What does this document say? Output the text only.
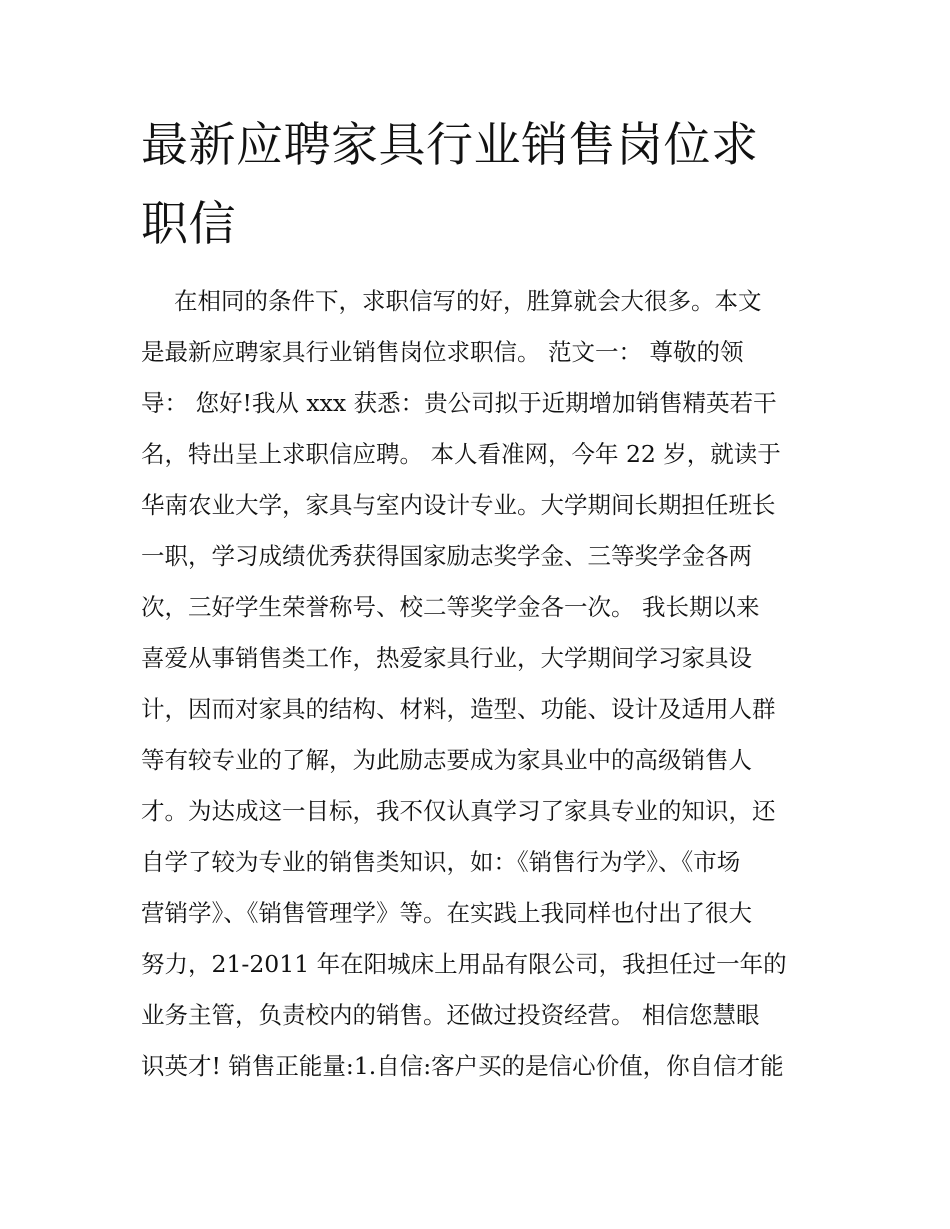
最新应聘家具行业销售岗位求
职信
在相同的条件下，求职信写的好，胜算就会大很多。本文
是最新应聘家具行业销售岗位求职信。 范文一： 尊敬的领
导： 您好!我从 xxx 获悉：贵公司拟于近期增加销售精英若干
名，特出呈上求职信应聘。 本人看准网，今年 22 岁，就读于
华南农业大学，家具与室内设计专业。大学期间长期担任班长
一职，学习成绩优秀获得国家励志奖学金、三等奖学金各两
次，三好学生荣誉称号、校二等奖学金各一次。 我长期以来
喜爱从事销售类工作，热爱家具行业，大学期间学习家具设
计，因而对家具的结构、材料，造型、功能、设计及适用人群
等有较专业的了解，为此励志要成为家具业中的高级销售人
才。为达成这一目标，我不仅认真学习了家具专业的知识，还
自学了较为专业的销售类知识，如：《销售行为学》、《市场
营销学》、《销售管理学》等。在实践上我同样也付出了很大
努力，21-2011 年在阳城床上用品有限公司，我担任过一年的
业务主管，负责校内的销售。还做过投资经营。 相信您慧眼
识英才! 销售正能量:1.自信:客户买的是信心价值，你自信才能
